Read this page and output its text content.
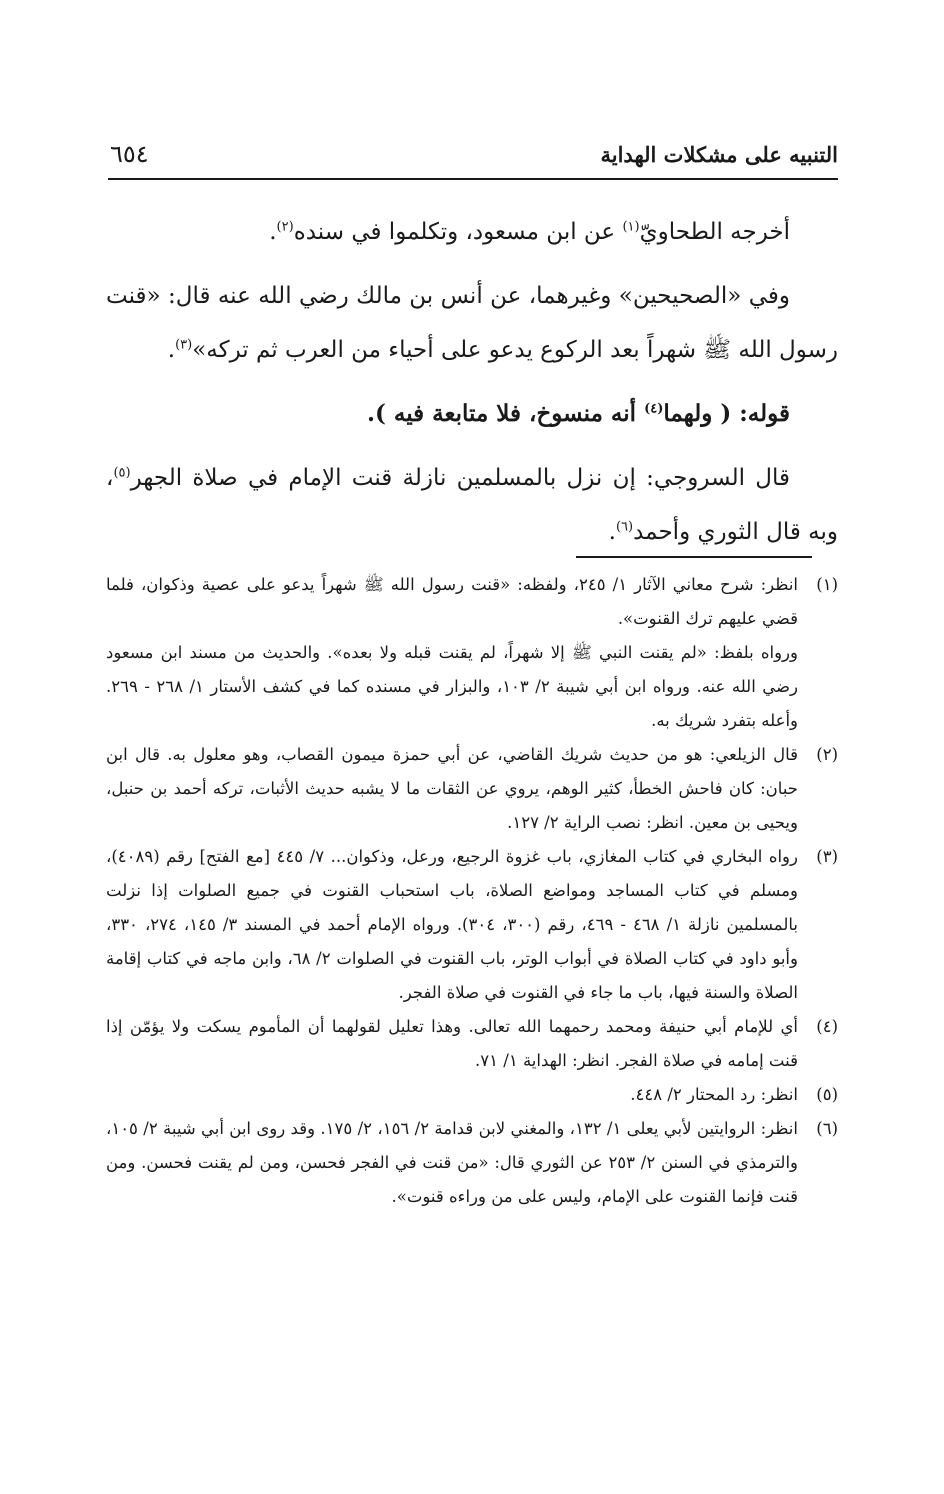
التنبيه على مشكلات الهداية
٦٥٤

أخرجه الطحاويّ$^{(١)}$ عن ابن مسعود، وتكلموا في سنده$^{(٢)}$.

وفي «الصحيحين» وغيرهما، عن أنس بن مالك رضي الله عنه قال: «قنت رسول الله ﷺ شهراً بعد الركوع يدعو على أحياء من العرب ثم تركه»$^{(٣)}$.

قوله: ( ولهما$^{(٤)}$ أنه منسوخ، فلا متابعة فيه ).

قال السروجي: إن نزل بالمسلمين نازلة قنت الإمام في صلاة الجهر$^{(٥)}$، وبه قال الثوري وأحمد$^{(٦)}$.

(١)
انظر: شرح معاني الآثار ١/ ٢٤٥، ولفظه: «قنت رسول الله ﷺ شهراً يدعو على عصية وذكوان، فلما قضي عليهم ترك القنوت».
ورواه بلفظ: «لم يقنت النبي ﷺ إلا شهراً، لم يقنت قبله ولا بعده». والحديث من مسند ابن مسعود رضي الله عنه. ورواه ابن أبي شيبة ٢/ ١٠٣، والبزار في مسنده كما في كشف الأستار ١/ ٢٦٨ - ٢٦٩. وأعله بتفرد شريك به.
(٢)
قال الزيلعي: هو من حديث شريك القاضي، عن أبي حمزة ميمون القصاب، وهو معلول به. قال ابن حبان: كان فاحش الخطأ، كثير الوهم، يروي عن الثقات ما لا يشبه حديث الأثبات، تركه أحمد بن حنبل، ويحيى بن معين. انظر: نصب الراية ٢/ ١٢٧.
(٣)
رواه البخاري في كتاب المغازي، باب غزوة الرجيع، ورعل، وذكوان... ٧/ ٤٤٥ [مع الفتح] رقم (٤٠٨٩)، ومسلم في كتاب المساجد ومواضع الصلاة، باب استحباب القنوت في جميع الصلوات إذا نزلت بالمسلمين نازلة ١/ ٤٦٨ - ٤٦٩، رقم (٣٠٠، ٣٠٤). ورواه الإمام أحمد في المسند ٣/ ١٤٥، ٢٧٤، ٣٣٠، وأبو داود في كتاب الصلاة في أبواب الوتر، باب القنوت في الصلوات ٢/ ٦٨، وابن ماجه في كتاب إقامة الصلاة والسنة فيها، باب ما جاء في القنوت في صلاة الفجر.
(٤)
أي للإمام أبي حنيفة ومحمد رحمهما الله تعالى. وهذا تعليل لقولهما أن المأموم يسكت ولا يؤمّن إذا قنت إمامه في صلاة الفجر. انظر: الهداية ١/ ٧١.
(٥)
انظر: رد المحتار ٢/ ٤٤٨.
(٦)
انظر: الروايتين لأبي يعلى ١/ ١٣٢، والمغني لابن قدامة ٢/ ١٥٦، ٢/ ١٧٥. وقد روى ابن أبي شيبة ٢/ ١٠٥، والترمذي في السنن ٢/ ٢٥٣ عن الثوري قال: «من قنت في الفجر فحسن، ومن لم يقنت فحسن. ومن قنت فإنما القنوت على الإمام، وليس على من وراءه قنوت».
